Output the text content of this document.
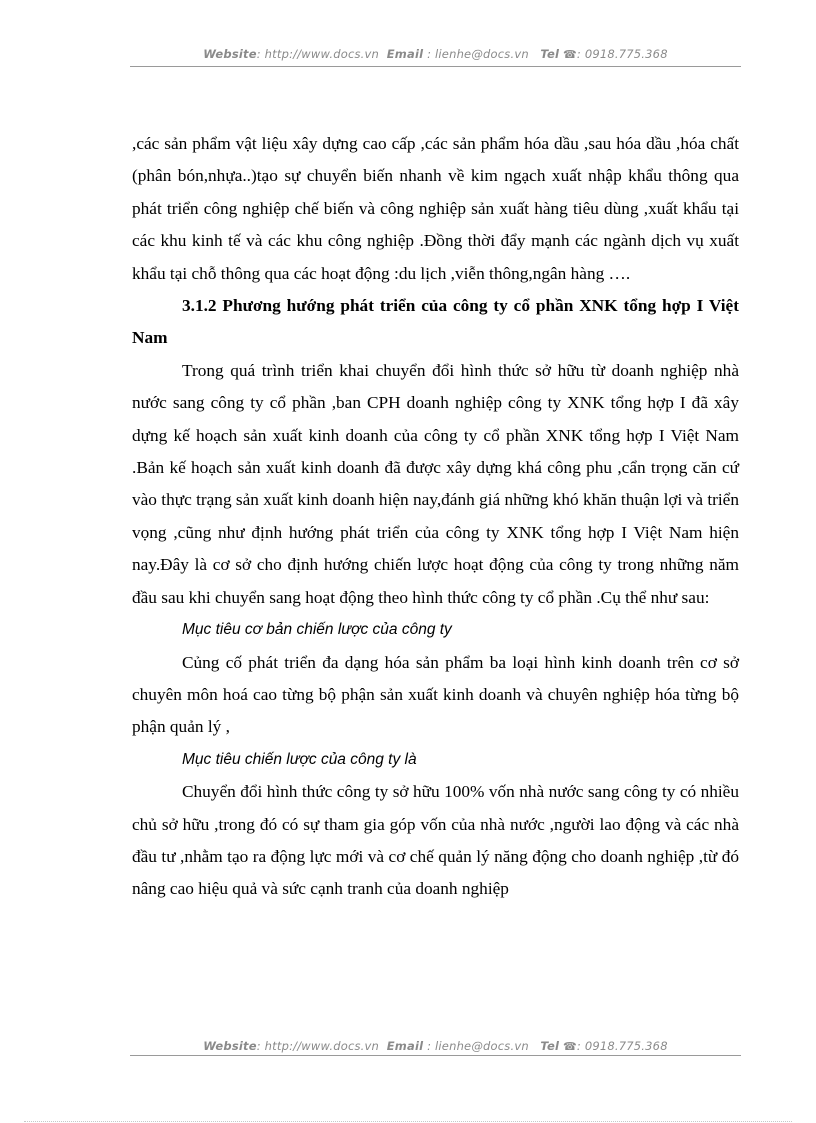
Website: http://www.docs.vn Email : lienhe@docs.vn Tel ☎: 0918.775.368

,các sản phẩm vật liệu xây dựng cao cấp ,các sản phẩm hóa dầu ,sau hóa dầu ,hóa chất (phân bón,nhựa..)tạo sự chuyển biến nhanh về kim ngạch xuất nhập khẩu thông qua phát triển công nghiệp chế biến và công nghiệp sản xuất hàng tiêu dùng ,xuất khẩu tại các khu kinh tế và các khu công nghiệp .Đồng thời đẩy mạnh các ngành dịch vụ xuất khẩu tại chỗ thông qua các hoạt động :du lịch ,viễn thông,ngân hàng ….

3.1.2 Phương hướng phát triển của công ty cổ phần XNK tổng hợp I Việt Nam

Trong quá trình triển khai chuyển đổi hình thức sở hữu từ doanh nghiệp nhà nước sang công ty cổ phần ,ban CPH doanh nghiệp công ty XNK tổng hợp I đã xây dựng kế hoạch sản xuất kinh doanh của công ty cổ phần XNK tổng hợp I Việt Nam .Bản kế hoạch sản xuất kinh doanh đã được xây dựng khá công phu ,cẩn trọng căn cứ vào thực trạng sản xuất kinh doanh hiện nay,đánh giá những khó khăn thuận lợi và triển vọng ,cũng như định hướng phát triển của công ty XNK tổng hợp I Việt Nam hiện nay.Đây là cơ sở cho định hướng chiến lược hoạt động của công ty trong những năm đầu sau khi chuyển sang hoạt động theo hình thức công ty cổ phần .Cụ thể như sau:

Mục tiêu cơ bản chiến lược của công ty

Củng cố phát triển đa dạng hóa sản phẩm ba loại hình kinh doanh trên cơ sở chuyên môn hoá cao từng bộ phận sản xuất kinh doanh và chuyên nghiệp hóa từng bộ phận quản lý ,

Mục tiêu chiến lược của công ty là

Chuyển đổi hình thức công ty sở hữu 100% vốn nhà nước sang công ty có nhiều chủ sở hữu ,trong đó có sự tham gia góp vốn của nhà nước ,người lao động và các nhà đầu tư ,nhằm tạo ra động lực mới và cơ chế quản lý năng động cho doanh nghiệp ,từ đó nâng cao hiệu quả và sức cạnh tranh của doanh nghiệp

Website: http://www.docs.vn Email : lienhe@docs.vn Tel ☎: 0918.775.368
